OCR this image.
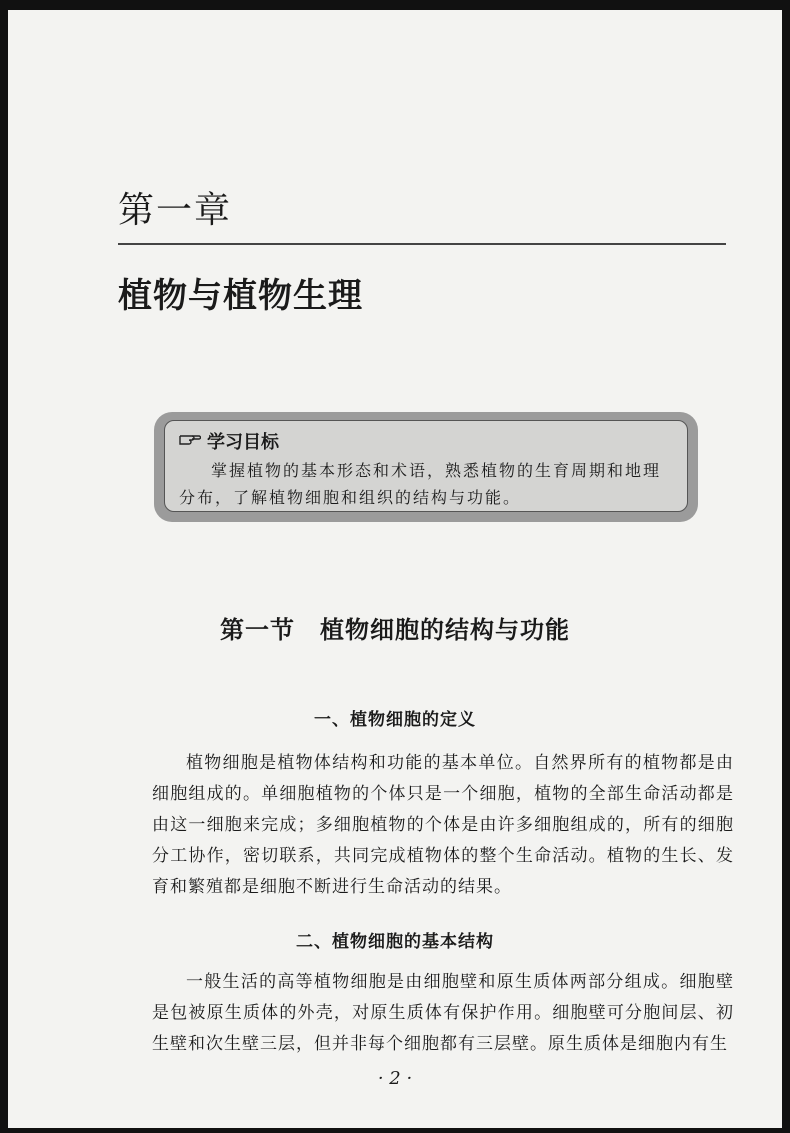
第一章
植物与植物生理
学习目标

掌握植物的基本形态和术语，熟悉植物的生育周期和地理分布，了解植物细胞和组织的结构与功能。

第一节　植物细胞的结构与功能
一、植物细胞的定义

植物细胞是植物体结构和功能的基本单位。自然界所有的植物都是由细胞组成的。单细胞植物的个体只是一个细胞，植物的全部生命活动都是由这一细胞来完成；多细胞植物的个体是由许多细胞组成的，所有的细胞分工协作，密切联系，共同完成植物体的整个生命活动。植物的生长、发育和繁殖都是细胞不断进行生命活动的结果。

二、植物细胞的基本结构

一般生活的高等植物细胞是由细胞壁和原生质体两部分组成。细胞壁是包被原生质体的外壳，对原生质体有保护作用。细胞壁可分胞间层、初生壁和次生壁三层，但并非每个细胞都有三层壁。原生质体是细胞内有生

· 2 ·
